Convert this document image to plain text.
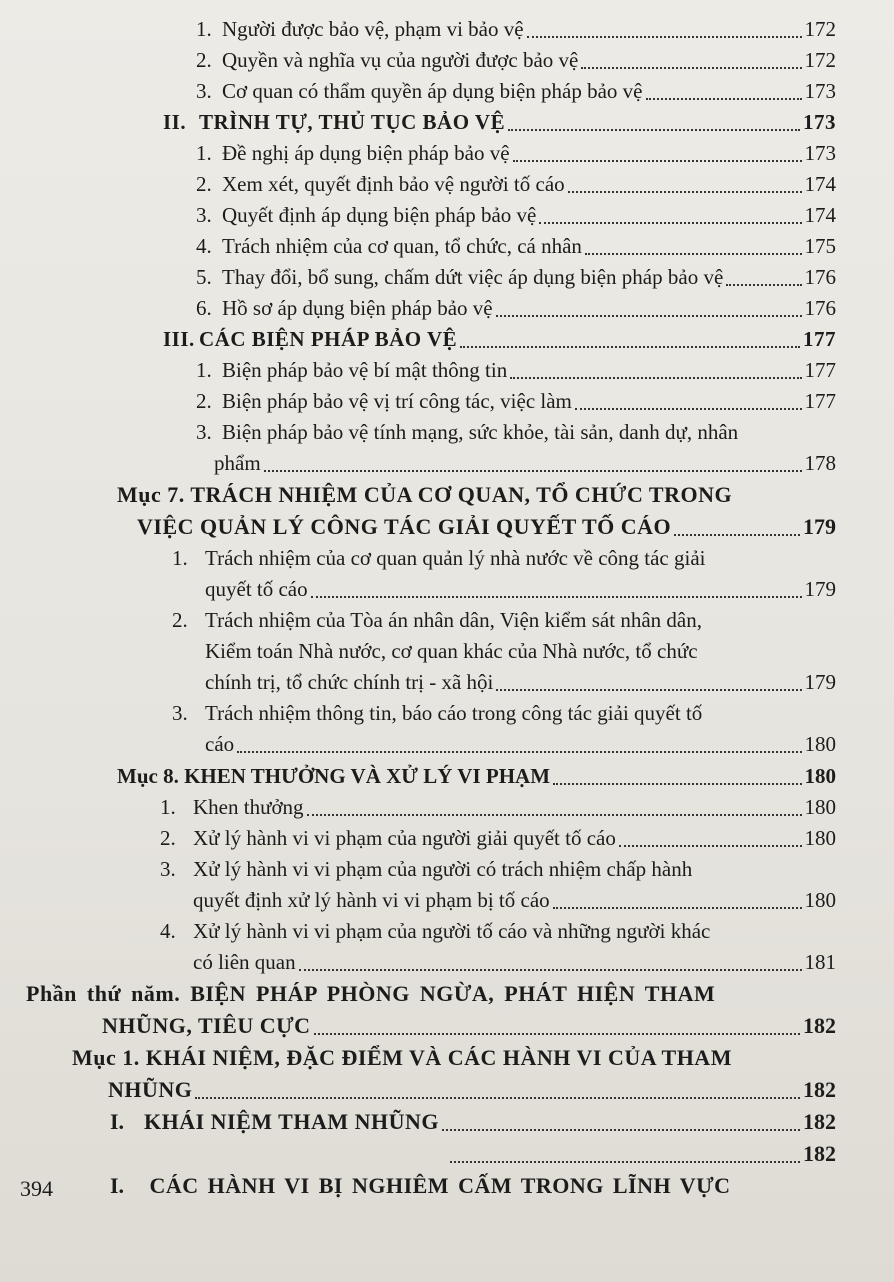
1. Người được bảo vệ, phạm vi bảo vệ	172
2. Quyền và nghĩa vụ của người được bảo vệ	172
3. Cơ quan có thẩm quyền áp dụng biện pháp bảo vệ	173
II. TRÌNH TỰ, THỦ TỤC BẢO VỆ	173
1. Đề nghị áp dụng biện pháp bảo vệ	173
2. Xem xét, quyết định bảo vệ người tố cáo	174
3. Quyết định áp dụng biện pháp bảo vệ	174
4. Trách nhiệm của cơ quan, tổ chức, cá nhân	175
5. Thay đổi, bổ sung, chấm dứt việc áp dụng biện pháp bảo vệ	176
6. Hồ sơ áp dụng biện pháp bảo vệ	176
III. CÁC BIỆN PHÁP BẢO VỆ	177
1. Biện pháp bảo vệ bí mật thông tin	177
2. Biện pháp bảo vệ vị trí công tác, việc làm	177
3. Biện pháp bảo vệ tính mạng, sức khỏe, tài sản, danh dự, nhân
phẩm	178
Mục 7. TRÁCH NHIỆM CỦA CƠ QUAN, TỔ CHỨC TRONG
VIỆC QUẢN LÝ CÔNG TÁC GIẢI QUYẾT TỐ CÁO	179
1. Trách nhiệm của cơ quan quản lý nhà nước về công tác giải
quyết tố cáo	179
2. Trách nhiệm của Tòa án nhân dân, Viện kiểm sát nhân dân,
Kiểm toán Nhà nước, cơ quan khác của Nhà nước, tổ chức
chính trị, tổ chức chính trị - xã hội	179
3. Trách nhiệm thông tin, báo cáo trong công tác giải quyết tố
cáo	180
Mục 8. KHEN THƯỞNG VÀ XỬ LÝ VI PHẠM	180
1. Khen thưởng	180
2. Xử lý hành vi vi phạm của người giải quyết tố cáo	180
3. Xử lý hành vi vi phạm của người có trách nhiệm chấp hành
quyết định xử lý hành vi vi phạm bị tố cáo	180
4. Xử lý hành vi vi phạm của người tố cáo và những người khác
có liên quan	181
Phần thứ năm. BIỆN PHÁP PHÒNG NGỪA, PHÁT HIỆN THAM
NHŨNG, TIÊU CỰC	182
Mục 1. KHÁI NIỆM, ĐẶC ĐIỂM VÀ CÁC HÀNH VI CỦA THAM
NHŨNG	182
I. KHÁI NIỆM THAM NHŨNG	182
182
I. CÁC HÀNH VI BỊ NGHIÊM CẤM TRONG LĨNH VỰC
394
